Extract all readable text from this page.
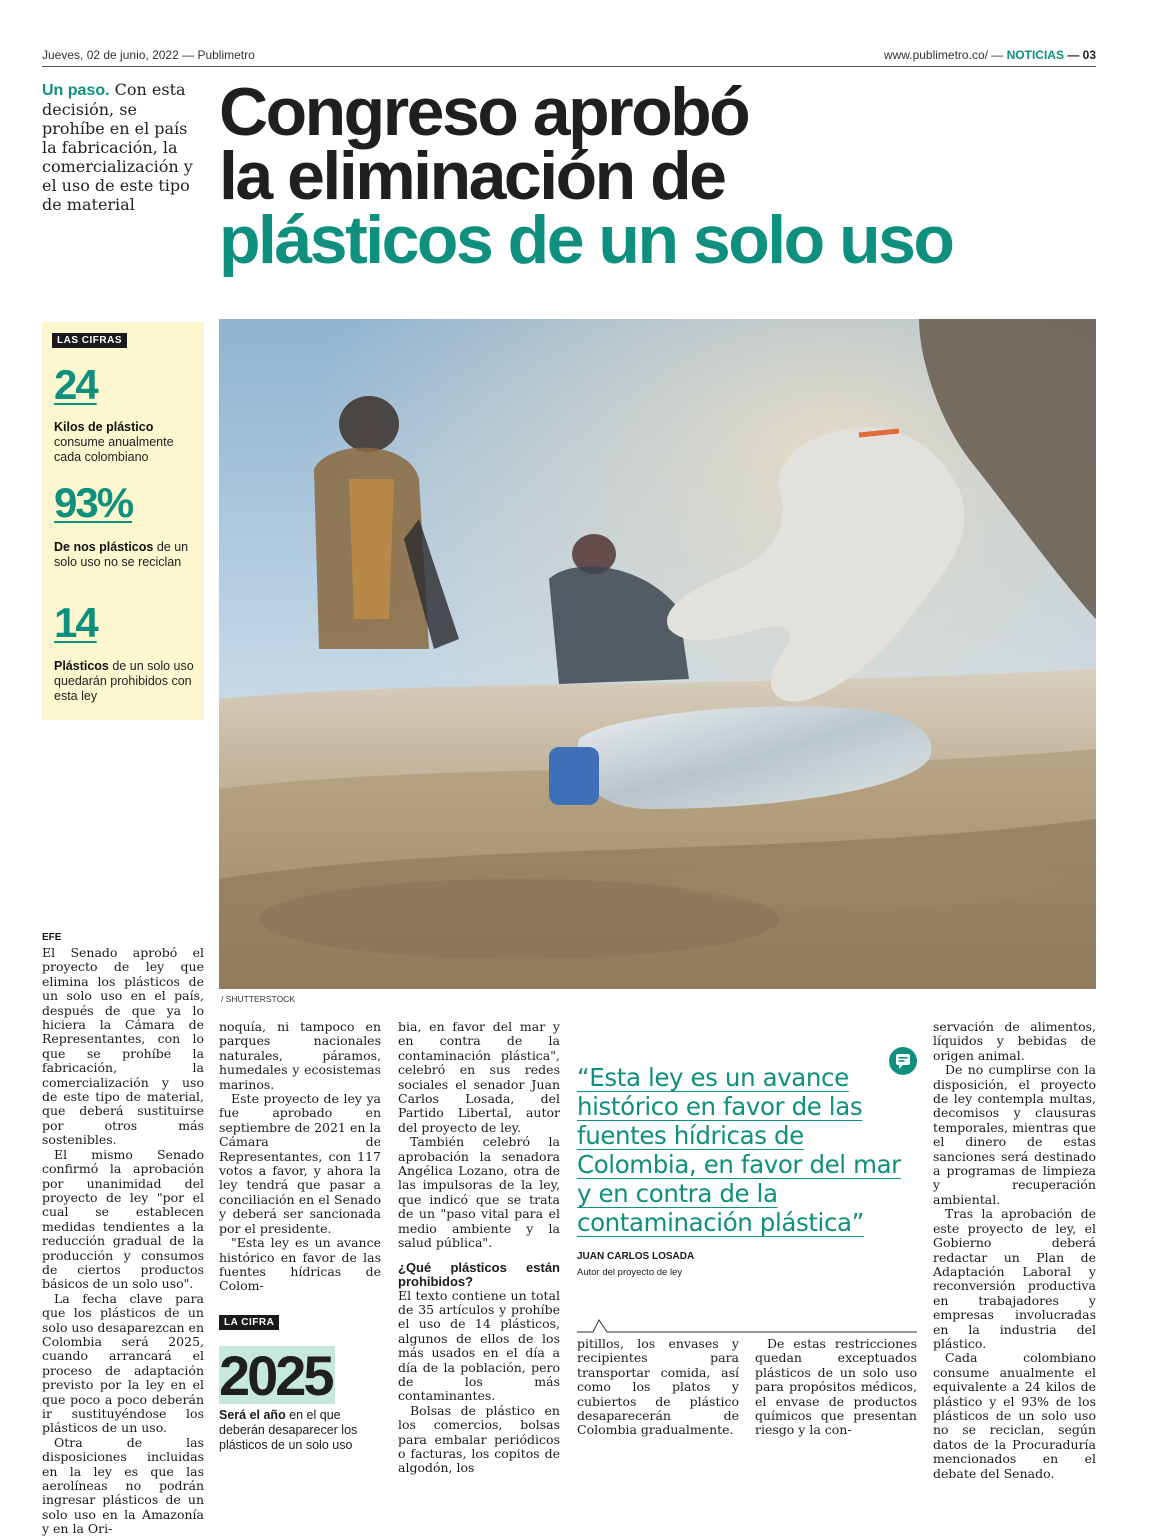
Jueves, 02 de junio, 2022 — Publimetro	www.publimetro.co/ — NOTICIAS — 03
Un paso. Con esta decisión, se prohíbe en el país la fabricación, la comercialización y el uso de este tipo de material
Congreso aprobó
la eliminación de
plásticos de un solo uso
LAS CIFRAS
24
Kilos de plástico consume anualmente cada colombiano
93%
De nos plásticos de un solo uso no se reciclan
14
Plásticos de un solo uso quedarán prohibidos con esta ley
/ SHUTTERSTOCK
EFE

El Senado aprobó el proyecto de ley que elimina los plásticos de un solo uso en el país, después de que ya lo hiciera la Cámara de Representantes, con lo que se prohíbe la fabricación, la comercialización y uso de este tipo de material, que deberá sustituirse por otros más sostenibles.

El mismo Senado confirmó la aprobación por unanimidad del proyecto de ley "por el cual se establecen medidas tendientes a la reducción gradual de la producción y consumos de ciertos productos básicos de un solo uso".

La fecha clave para que los plásticos de un solo uso desaparezcan en Colombia será 2025, cuando arrancará el proceso de adaptación previsto por la ley en el que poco a poco deberán ir sustituyéndose los plásticos de un uso.

Otra de las disposiciones incluidas en la ley es que las aerolíneas no podrán ingresar plásticos de un solo uso en la Amazonía y en la Ori-

noquía, ni tampoco en parques nacionales naturales, páramos, humedales y ecosistemas marinos.

Este proyecto de ley ya fue aprobado en septiembre de 2021 en la Cámara de Representantes, con 117 votos a favor, y ahora la ley tendrá que pasar a conciliación en el Senado y deberá ser sancionada por el presidente.

"Esta ley es un avance histórico en favor de las fuentes hídricas de Colom-

LA CIFRA
2025
Será el año en el que deberán desaparecer los plásticos de un solo uso

bia, en favor del mar y en contra de la contaminación plástica", celebró en sus redes sociales el senador Juan Carlos Losada, del Partido Libertal, autor del proyecto de ley.

También celebró la aprobación la senadora Angélica Lozano, otra de las impulsoras de la ley, que indicó que se trata de un "paso vital para el medio ambiente y la salud pública".

¿Qué plásticos están prohibidos?

El texto contiene un total de 35 artículos y prohíbe el uso de 14 plásticos, algunos de ellos de los más usados en el día a día de la población, pero de los más contaminantes.

Bolsas de plástico en los comercios, bolsas para embalar periódicos o facturas, los copitos de algodón, los

“Esta ley es un avance histórico en favor de las fuentes hídricas de Colombia, en favor del mar y en contra de la contaminación plástica”
JUAN CARLOS LOSADA
Autor del proyecto de ley

pitillos, los envases y recipientes para transportar comida, así como los platos y cubiertos de plástico desaparecerán de Colombia gradualmente.

De estas restricciones quedan exceptuados plásticos de un solo uso para propósitos médicos, el envase de productos químicos que presentan riesgo y la con-

servación de alimentos, líquidos y bebidas de origen animal.

De no cumplirse con la disposición, el proyecto de ley contempla multas, decomisos y clausuras temporales, mientras que el dinero de estas sanciones será destinado a programas de limpieza y recuperación ambiental.

Tras la aprobación de este proyecto de ley, el Gobierno deberá redactar un Plan de Adaptación Laboral y reconversión productiva en trabajadores y empresas involucradas en la industria del plástico.

Cada colombiano consume anualmente el equivalente a 24 kilos de plástico y el 93% de los plásticos de un solo uso no se reciclan, según datos de la Procuraduría mencionados en el debate del Senado.
